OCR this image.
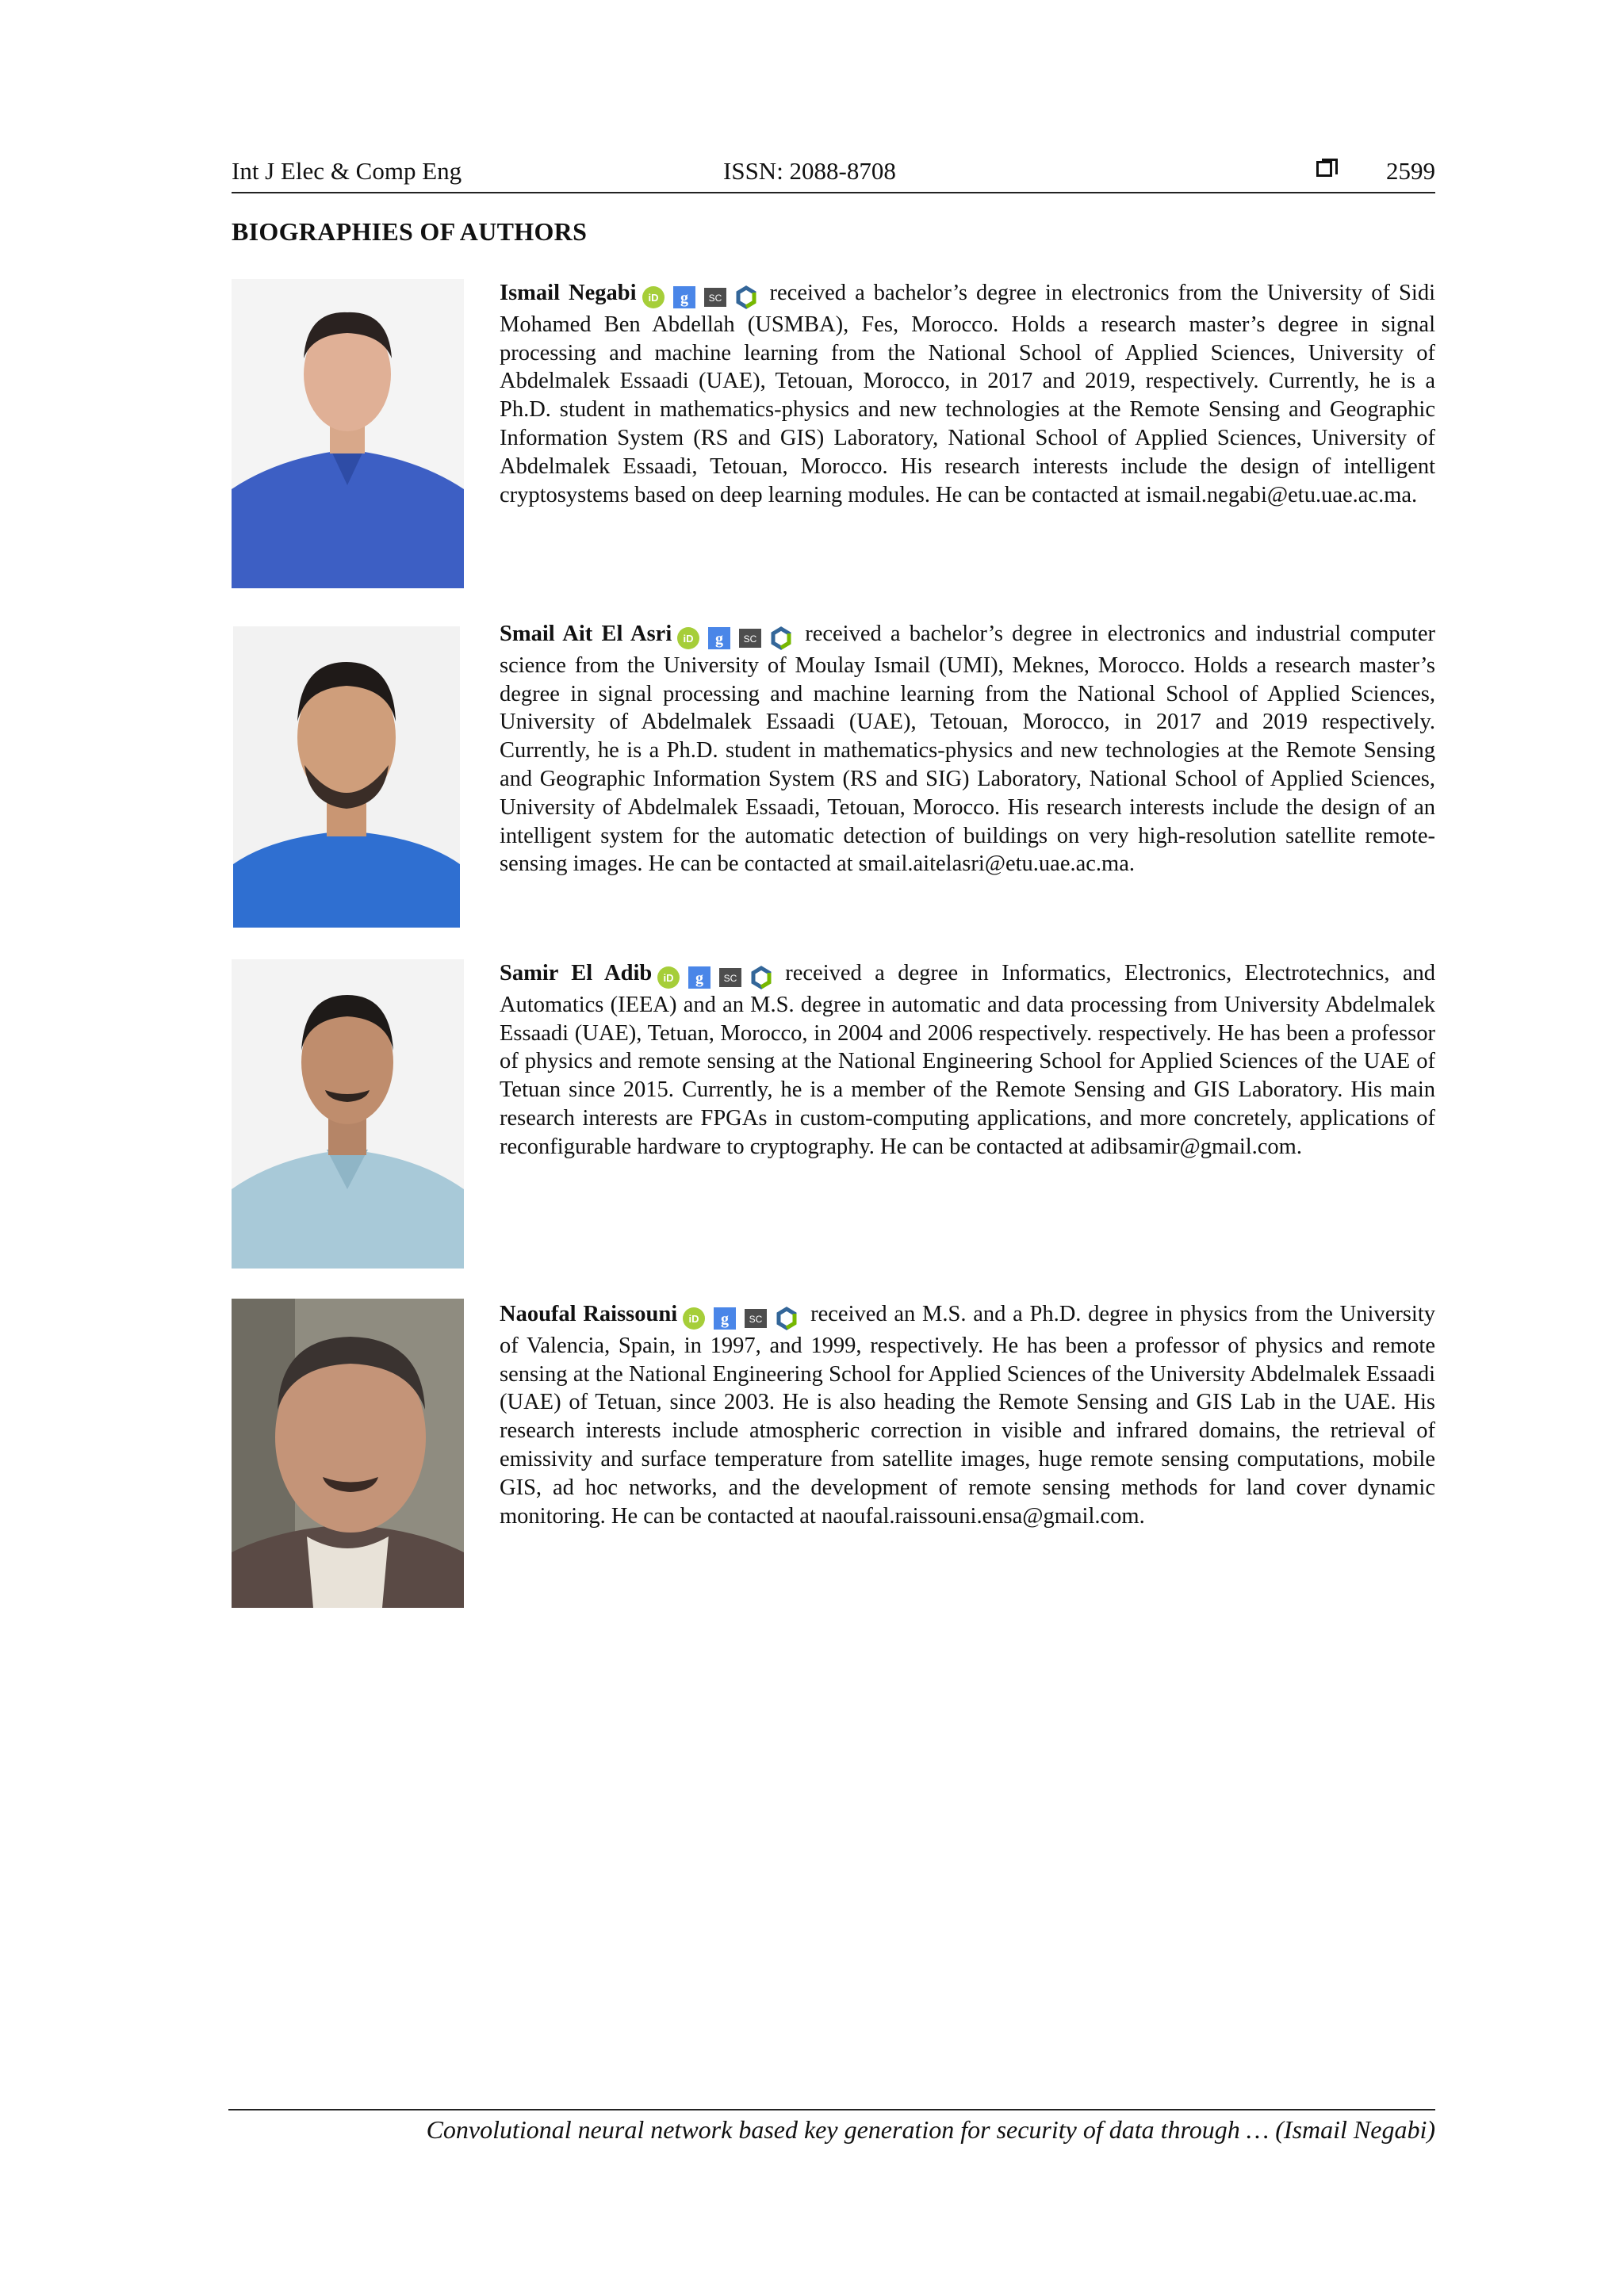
Int J Elec & Comp Eng	ISSN: 2088-8708	2599
BIOGRAPHIES OF AUTHORS
Ismail Negabi iD g SC received a bachelor’s degree in electronics from the University of Sidi Mohamed Ben Abdellah (USMBA), Fes, Morocco. Holds a research master’s degree in signal processing and machine learning from the National School of Applied Sciences, University of Abdelmalek Essaadi (UAE), Tetouan, Morocco, in 2017 and 2019, respectively. Currently, he is a Ph.D. student in mathematics-physics and new technologies at the Remote Sensing and Geographic Information System (RS and GIS) Laboratory, National School of Applied Sciences, University of Abdelmalek Essaadi, Tetouan, Morocco. His research interests include the design of intelligent cryptosystems based on deep learning modules. He can be contacted at ismail.negabi@etu.uae.ac.ma.
Smail Ait El Asri iD g SC received a bachelor’s degree in electronics and industrial computer science from the University of Moulay Ismail (UMI), Meknes, Morocco. Holds a research master’s degree in signal processing and machine learning from the National School of Applied Sciences, University of Abdelmalek Essaadi (UAE), Tetouan, Morocco, in 2017 and 2019 respectively. Currently, he is a Ph.D. student in mathematics-physics and new technologies at the Remote Sensing and Geographic Information System (RS and SIG) Laboratory, National School of Applied Sciences, University of Abdelmalek Essaadi, Tetouan, Morocco. His research interests include the design of an intelligent system for the automatic detection of buildings on very high-resolution satellite remote-sensing images. He can be contacted at smail.aitelasri@etu.uae.ac.ma.
Samir El Adib iD g SC received a degree in Informatics, Electronics, Electrotechnics, and Automatics (IEEA) and an M.S. degree in automatic and data processing from University Abdelmalek Essaadi (UAE), Tetuan, Morocco, in 2004 and 2006 respectively. respectively. He has been a professor of physics and remote sensing at the National Engineering School for Applied Sciences of the UAE of Tetuan since 2015. Currently, he is a member of the Remote Sensing and GIS Laboratory. His main research interests are FPGAs in custom-computing applications, and more concretely, applications of reconfigurable hardware to cryptography. He can be contacted at adibsamir@gmail.com.
Naoufal Raissouni iD g SC received an M.S. and a Ph.D. degree in physics from the University of Valencia, Spain, in 1997, and 1999, respectively. He has been a professor of physics and remote sensing at the National Engineering School for Applied Sciences of the University Abdelmalek Essaadi (UAE) of Tetuan, since 2003. He is also heading the Remote Sensing and GIS Lab in the UAE. His research interests include atmospheric correction in visible and infrared domains, the retrieval of emissivity and surface temperature from satellite images, huge remote sensing computations, mobile GIS, ad hoc networks, and the development of remote sensing methods for land cover dynamic monitoring. He can be contacted at naoufal.raissouni.ensa@gmail.com.
Convolutional neural network based key generation for security of data through … (Ismail Negabi)
